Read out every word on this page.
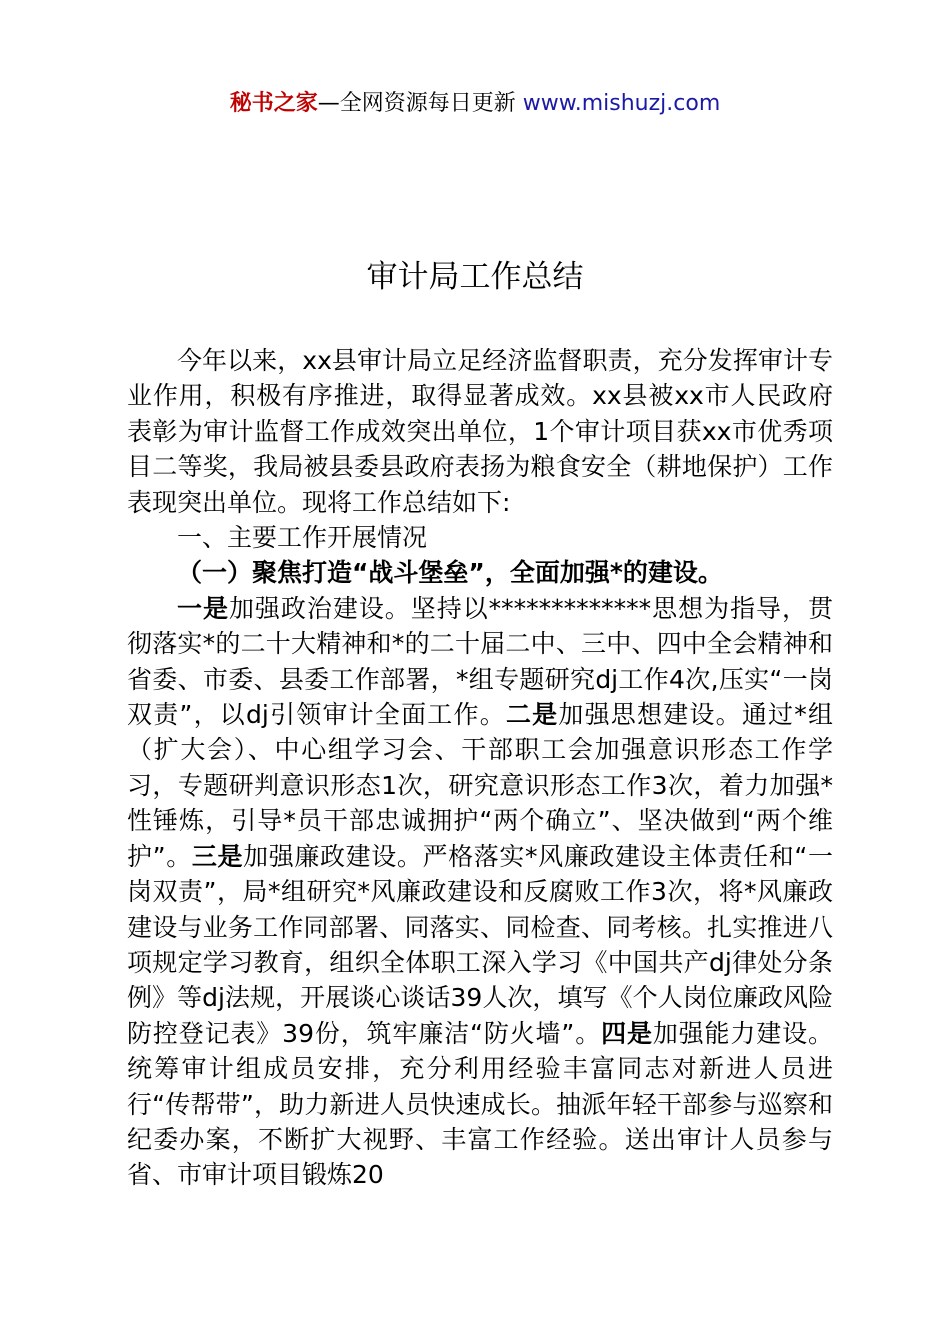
秘书之家—全网资源每日更新 www.mishuzj.com
审计局工作总结

今年以来，xx县审计局立足经济监督职责，充分发挥审计专业作用，积极有序推进，取得显著成效。xx县被xx市人民政府表彰为审计监督工作成效突出单位，1个审计项目获xx市优秀项目二等奖，我局被县委县政府表扬为粮食安全（耕地保护）工作表现突出单位。现将工作总结如下:

一、主要工作开展情况

（一）聚焦打造“战斗堡垒”，全面加强*的建设。

一是加强政治建设。坚持以*************思想为指导，贯彻落实*的二十大精神和*的二十届二中、三中、四中全会精神和省委、市委、县委工作部署，*组专题研究dj工作4次,压实“一岗双责”，以dj引领审计全面工作。二是加强思想建设。通过*组（扩大会）、中心组学习会、干部职工会加强意识形态工作学习，专题研判意识形态1次，研究意识形态工作3次，着力加强*性锤炼，引导*员干部忠诚拥护“两个确立”、坚决做到“两个维护”。三是加强廉政建设。严格落实*风廉政建设主体责任和“一岗双责”，局*组研究*风廉政建设和反腐败工作3次，将*风廉政建设与业务工作同部署、同落实、同检查、同考核。扎实推进八项规定学习教育，组织全体职工深入学习《中国共产dj律处分条例》等dj法规，开展谈心谈话39人次，填写《个人岗位廉政风险防控登记表》39份，筑牢廉洁“防火墙”。四是加强能力建设。统筹审计组成员安排，充分利用经验丰富同志对新进人员进行“传帮带”，助力新进人员快速成长。抽派年轻干部参与巡察和纪委办案，不断扩大视野、丰富工作经验。送出审计人员参与省、市审计项目锻炼20
